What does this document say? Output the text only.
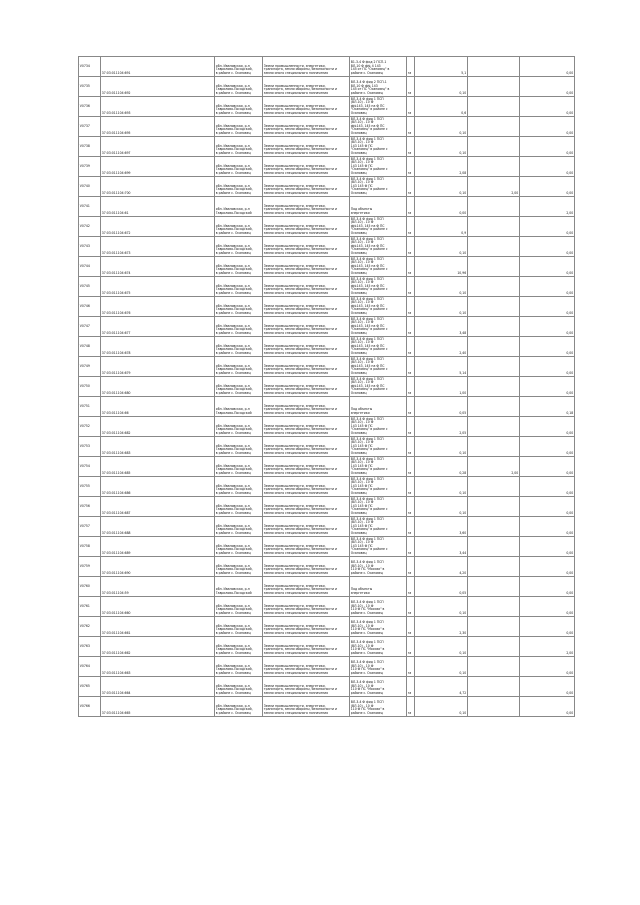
V0734	37:03:011104:691	обл. Ивановская, р-н
Гаврилово-Посадский,
в районе с. Осановец	Земли промышленности, энергетики,
транспорта, земли обороны, безопасности и
земли иного специального назначения	В1-3-4 Ф фид 2 ПСП-1
ВЛ-10 Ф ф№ 4 143
145 от ПС "Осановец" в
районе с. Осановец	га	5,1		0,00	
V0735	37:03:011104:692	обл. Ивановская, р-н
Гаврилово-Посадский,
в районе с. Осановец	Земли промышленности, энергетики,
транспорта, земли обороны, безопасности и
земли иного специального назначения	ВЛ-3-4 Ф фид 2 ПСП-1
ВЛ-10 Ф ф№ 143
145 от ПС "Осановец" в
районе с. Осановец	га	0,10		0,00	
V0736	37:03:011104:693	обл. Ивановская, р-н
Гаврилово-Посадский,
в районе с. Осановец	Земли промышленности, энергетики,
транспорта, земли обороны, безопасности и
земли иного специального назначения	ВЛ-3-4 Ф фид 1 ПСП
(ВЛ-10) - 10 Ф
ф№143, 145 на Ф ПС
"Осановец" в районе с
Осановец	га	0,6		0,00	
V0737	37:03:011104:695	обл. Ивановская, р-н
Гаврилово-Посадский,
в районе с. Осановец	Земли промышленности, энергетики,
транспорта, земли обороны, безопасности и
земли иного специального назначения	ВЛ-3-4 Ф фид 1 ПСП
(ВЛ-10) - 10 Ф
ф№143, 145 на Ф ПС
"Осановец" в районе с
Осановец	га	0,10		0,00	
V0738	37:03:011104:697	обл. Ивановская, р-н
Гаврилово-Посадский,
в районе с. Осановец	Земли промышленности, энергетики,
транспорта, земли обороны, безопасности и
земли иного специального назначения	ВЛ-3-4 Ф фид 1 ПСП
(ВЛ-10) - 10 Ф
143 145 Ф ПС
"Осановец" в районе с
Осановец	га	0,10		0,00	
V0739	37:03:011104:699	обл. Ивановская, р-н
Гаврилово-Посадский,
в районе с. Осановец	Земли промышленности, энергетики,
транспорта, земли обороны, безопасности и
земли иного специального назначения	ВЛ-3-4 Ф фид 1 ПСП
(ВЛ-10) - 10 Ф
143 145 Ф ПС
"Осановец" в районе с
Осановец	га	2,08		0,00	
V0740	37:03:011104:700	обл. Ивановская, р-н
Гаврилово-Посадский,
в районе с. Осановец	Земли промышленности, энергетики,
транспорта, земли обороны, безопасности и
земли иного специального назначения	ВЛ-3-4 Ф фид 1 ПСП
(ВЛ-10) - 10 Ф
143 145 Ф ПС
"Осановец" в районе с
Осановец	га	0,10	2,00	0,00	
V0741	37:03:011104:61	обл. Ивановская, р-н
Гаврилово-Посадский	Земли промышленности, энергетики,
транспорта, земли обороны, безопасности и
земли иного специального назначения	Под объекты
энергетики	га	0,00		2,00	
V0742	37:03:011104:672	обл. Ивановская, р-н
Гаврилово-Посадский,
в районе с. Осановец	Земли промышленности, энергетики,
транспорта, земли обороны, безопасности и
земли иного специального назначения	ВЛ-3-4 Ф фид 1 ПСП
(ВЛ-10) - 10 Ф
ф№143, 145 на Ф ПС
"Осановец" в районе с
Осановец	га	0,9		0,00	
V0743	37:03:011104:673	обл. Ивановская, р-н
Гаврилово-Посадский,
в районе с. Осановец	Земли промышленности, энергетики,
транспорта, земли обороны, безопасности и
земли иного специального назначения	ВЛ-3-4 Ф фид 1 ПСП
(ВЛ-10) - 10 Ф
ф№143, 145 на Ф ПС
"Осановец" в районе с
Осановец	га	0,10		0,00	
V0744	37:03:011104:674	обл. Ивановская, р-н
Гаврилово-Посадский,
в районе с. Осановец	Земли промышленности, энергетики,
транспорта, земли обороны, безопасности и
земли иного специального назначения	ВЛ-3-4 Ф фид 1 ПСП
(ВЛ-10) - 10 Ф
ф№143, 145 на Ф ПС
"Осановец" в районе с
Осановец	га	10,96		0,00	
V0745	37:03:011104:675	обл. Ивановская, р-н
Гаврилово-Посадский,
в районе с. Осановец	Земли промышленности, энергетики,
транспорта, земли обороны, безопасности и
земли иного специального назначения	ВЛ-3-4 Ф фид 1 ПСП
(ВЛ-10) - 10 Ф
ф№143, 145 на Ф ПС
"Осановец" в районе с
Осановец	га	0,10		0,00	
V0746	37:03:011104:676	обл. Ивановская, р-н
Гаврилово-Посадский,
в районе с. Осановец	Земли промышленности, энергетики,
транспорта, земли обороны, безопасности и
земли иного специального назначения	ВЛ-3-4 Ф фид 1 ПСП
(ВЛ-10) - 10 Ф
ф№143, 145 на Ф ПС
"Осановец" в районе с
Осановец	га	0,10		0,00	
V0747	37:03:011104:677	обл. Ивановская, р-н
Гаврилово-Посадский,
в районе с. Осановец	Земли промышленности, энергетики,
транспорта, земли обороны, безопасности и
земли иного специального назначения	ВЛ-3-4 Ф фид 1 ПСП
(ВЛ-10) - 10 Ф
ф№143, 145 на Ф ПС
"Осановец" в районе с
Осановец	га	3,48		0,00	
V0748	37:03:011104:678	обл. Ивановская, р-н
Гаврилово-Посадский,
в районе с. Осановец	Земли промышленности, энергетики,
транспорта, земли обороны, безопасности и
земли иного специального назначения	ВЛ-3-4 Ф фид 1 ПСП
(ВЛ-10) - 10 Ф
ф№143, 145 на Ф ПС
"Осановец" в районе с
Осановец	га	2,40		0,00	
V0749	37:03:011104:679	обл. Ивановская, р-н
Гаврилово-Посадский,
в районе с. Осановец	Земли промышленности, энергетики,
транспорта, земли обороны, безопасности и
земли иного специального назначения	ВЛ-3-4 Ф фид 1 ПСП
(ВЛ-10) - 10 Ф
ф№143, 145 на Ф ПС
"Осановец" в районе с
Осановец	га	5,14		0,00	
V0750	37:03:011104:680	обл. Ивановская, р-н
Гаврилово-Посадский,
в районе с. Осановец	Земли промышленности, энергетики,
транспорта, земли обороны, безопасности и
земли иного специального назначения	ВЛ-3-4 Ф фид 1 ПСП
(ВЛ-10) - 10 Ф
ф№143, 145 на Ф ПС
"Осановец" в районе с
Осановец	га	1,00		0,00	
V0751	37:03:011104:66	обл. Ивановская, р-н
Гаврилово-Посадский	Земли промышленности, энергетики,
транспорта, земли обороны, безопасности и
земли иного специального назначения	Под объекты
энергетики	га	0,05		0,18	
V0752	37:03:011104:682	обл. Ивановская, р-н
Гаврилово-Посадский,
в районе с. Осановец	Земли промышленности, энергетики,
транспорта, земли обороны, безопасности и
земли иного специального назначения	ВЛ-3-4 Ф фид 1 ПСП
(ВЛ-10) - 10 Ф
143 145 Ф ПС
"Осановец" в районе с
Осановец	га	2,05		0,00	
V0753	37:03:011104:683	обл. Ивановская, р-н
Гаврилово-Посадский,
в районе с. Осановец	Земли промышленности, энергетики,
транспорта, земли обороны, безопасности и
земли иного специального назначения	ВЛ-3-4 Ф фид 1 ПСП
(ВЛ-10) - 10 Ф
143 145 Ф ПС
"Осановец" в районе с
Осановец	га	0,10		0,00	
V0754	37:03:011104:685	обл. Ивановская, р-н
Гаврилово-Посадский,
в районе с. Осановец	Земли промышленности, энергетики,
транспорта, земли обороны, безопасности и
земли иного специального назначения	ВЛ-3-4 Ф фид 1 ПСП
(ВЛ-10) - 10 Ф
143 145 Ф ПС
"Осановец" в районе с
Осановец	га	0,28	2,00	0,00	
V0755	37:03:011104:686	обл. Ивановская, р-н
Гаврилово-Посадский,
в районе с. Осановец	Земли промышленности, энергетики,
транспорта, земли обороны, безопасности и
земли иного специального назначения	ВЛ-3-4 Ф фид 1 ПСП
(ВЛ-10) - 10 Ф
143 145 Ф ПС
"Осановец" в районе с
Осановец	га	0,10		0,00	
V0756	37:03:011104:687	обл. Ивановская, р-н
Гаврилово-Посадский,
в районе с. Осановец	Земли промышленности, энергетики,
транспорта, земли обороны, безопасности и
земли иного специального назначения	ВЛ-3-4 Ф фид 1 ПСП
(ВЛ-10) - 10 Ф
143 145 Ф ПС
"Осановец" в районе с
Осановец	га	0,10		0,00	
V0757	37:03:011104:688	обл. Ивановская, р-н
Гаврилово-Посадский,
в районе с. Осановец	Земли промышленности, энергетики,
транспорта, земли обороны, безопасности и
земли иного специального назначения	ВЛ-3-4 Ф фид 1 ПСП
(ВЛ-10) - 10 Ф
143 145 Ф ПС
"Осановец" в районе с
Осановец	га	3,60		0,00	
V0758	37:03:011104:689	обл. Ивановская, р-н
Гаврилово-Посадский,
в районе с. Осановец	Земли промышленности, энергетики,
транспорта, земли обороны, безопасности и
земли иного специального назначения	ВЛ-3-4 Ф фид 1 ПСП
(ВЛ-10) - 10 Ф
143 145 Ф ПС
"Осановец" в районе с
Осановец	га	3,44		0,00	
V0759	37:03:011104:690	обл. Ивановская, р-н
Гаврилово-Посадский,
в районе с. Осановец	Земли промышленности, энергетики,
транспорта, земли обороны, безопасности и
земли иного специального назначения	ВЛ-3-4 Ф фид 1 ПСП
(ВЛ-10) - 10 Ф
110 Ф ПС "Москва" в
районе с. Осановец	га	4,20		0,00	
V0760	37:03:011104:59	обл. Ивановская, р-н
Гаврилово-Посадский	Земли промышленности, энергетики,
транспорта, земли обороны, безопасности и
земли иного специального назначения	Под объекты
энергетики	га	0,05		0,00	
V0761	37:03:011104:660	обл. Ивановская, р-н
Гаврилово-Посадский,
в районе с. Осановец	Земли промышленности, энергетики,
транспорта, земли обороны, безопасности и
земли иного специального назначения	ВЛ-3-4 Ф фид 1 ПСП
(ВЛ-10) - 10 Ф
110 Ф ПС "Москва" в
районе с. Осановец	га	0,10		0,00	
V0762	37:03:011104:661	обл. Ивановская, р-н
Гаврилово-Посадский,
в районе с. Осановец	Земли промышленности, энергетики,
транспорта, земли обороны, безопасности и
земли иного специального назначения	ВЛ-3-4 Ф фид 1 ПСП
(ВЛ-10) - 10 Ф
110 Ф ПС "Москва" в
районе с. Осановец	га	2,30		0,00	
V0763	37:03:011104:662	обл. Ивановская, р-н
Гаврилово-Посадский,
в районе с. Осановец	Земли промышленности, энергетики,
транспорта, земли обороны, безопасности и
земли иного специального назначения	ВЛ-3-4 Ф фид 1 ПСП
(ВЛ-10) - 10 Ф
110 Ф ПС "Москва" в
районе с. Осановец	га	0,10		2,00	
V0764	37:03:011104:663	обл. Ивановская, р-н
Гаврилово-Посадский,
в районе с. Осановец	Земли промышленности, энергетики,
транспорта, земли обороны, безопасности и
земли иного специального назначения	ВЛ-3-4 Ф фид 1 ПСП
(ВЛ-10) - 10 Ф
110 Ф ПС "Москва" в
районе с. Осановец	га	0,10		0,00	
V0765	37:03:011104:664	обл. Ивановская, р-н
Гаврилово-Посадский,
в районе с. Осановец	Земли промышленности, энергетики,
транспорта, земли обороны, безопасности и
земли иного специального назначения	ВЛ-3-4 Ф фид 1 ПСП
(ВЛ-10) - 10 Ф
110 Ф ПС "Москва" в
районе с. Осановец	га	4,72		0,00	
V0766	37:03:011104:665	обл. Ивановская, р-н
Гаврилово-Посадский,
в районе с. Осановец	Земли промышленности, энергетики,
транспорта, земли обороны, безопасности и
земли иного специального назначения	ВЛ-3-4 Ф фид 1 ПСП
(ВЛ-10) - 10 Ф
110 Ф ПС "Москва" в
районе с. Осановец	га	0,10		0,00	
